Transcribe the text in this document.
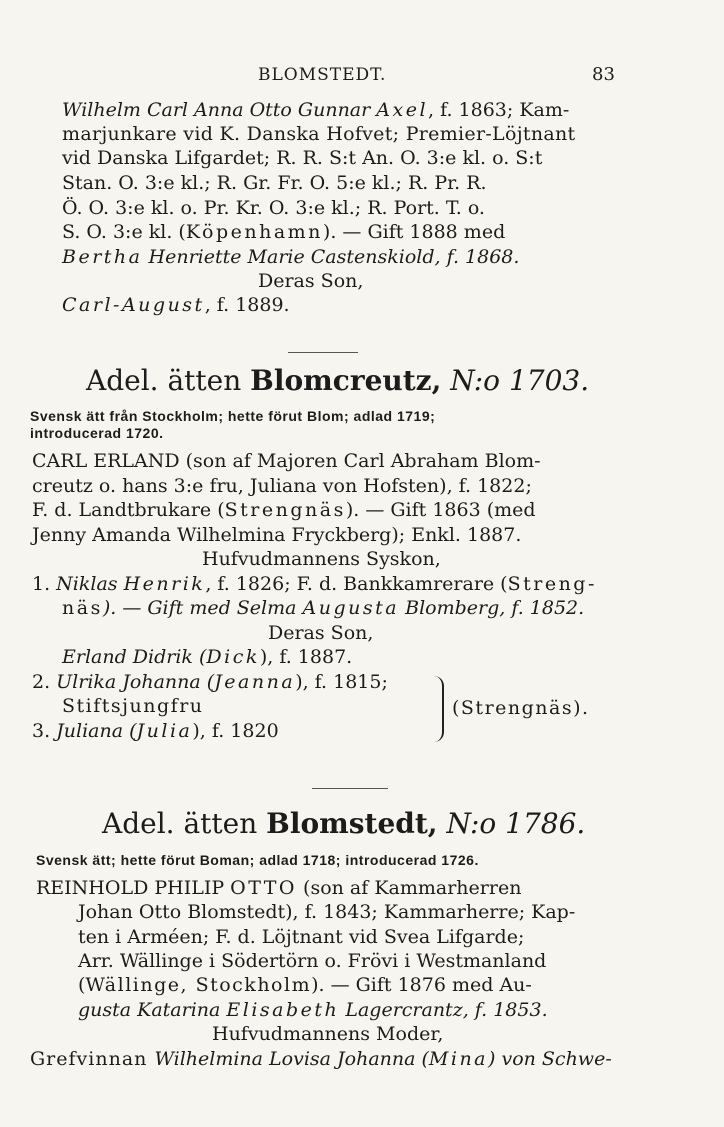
BLOMSTEDT.	83
Wilhelm Carl Anna Otto Gunnar Axel, f. 1863; Kam-
marjunkare vid K. Danska Hofvet; Premier-Löjtnant
vid Danska Lifgardet; R. R. S:t An. O. 3:e kl. o. S:t
Stan. O. 3:e kl.; R. Gr. Fr. O. 5:e kl.; R. Pr. R.
Ö. O. 3:e kl. o. Pr. Kr. O. 3:e kl.; R. Port. T. o.
S. O. 3:e kl. (Köpenhamn). — Gift 1888 med
Bertha Henriette Marie Castenskiold, f. 1868.
Deras Son,
Carl-August, f. 1889.
Adel. ätten Blomcreutz, N:o 1703.
Svensk ätt från Stockholm; hette förut Blom; adlad 1719;
introducerad 1720.
CARL ERLAND (son af Majoren Carl Abraham Blom-
creutz o. hans 3:e fru, Juliana von Hofsten), f. 1822;
F. d. Landtbrukare (Strengnäs). — Gift 1863 (med
Jenny Amanda Wilhelmina Fryckberg); Enkl. 1887.
Hufvudmannens Syskon,
1. Niklas Henrik, f. 1826; F. d. Bankkamrerare (Streng-
näs). — Gift med Selma Augusta Blomberg, f. 1852.
Deras Son,
Erland Didrik (Dick), f. 1887.
2. Ulrika Johanna (Jeanna), f. 1815;
Stiftsjungfru
3. Juliana (Julia), f. 1820
(Strengnäs).
Adel. ätten Blomstedt, N:o 1786.
Svensk ätt; hette förut Boman; adlad 1718; introducerad 1726.
REINHOLD PHILIP OTTO (son af Kammarherren
Johan Otto Blomstedt), f. 1843; Kammarherre; Kap-
ten i Arméen; F. d. Löjtnant vid Svea Lifgarde;
Arr. Wällinge i Södertörn o. Frövi i Westmanland
(Wällinge, Stockholm). — Gift 1876 med Au-
gusta Katarina Elisabeth Lagercrantz, f. 1853.
Hufvudmannens Moder,
Grefvinnan Wilhelmina Lovisa Johanna (Mina) von Schwe-
